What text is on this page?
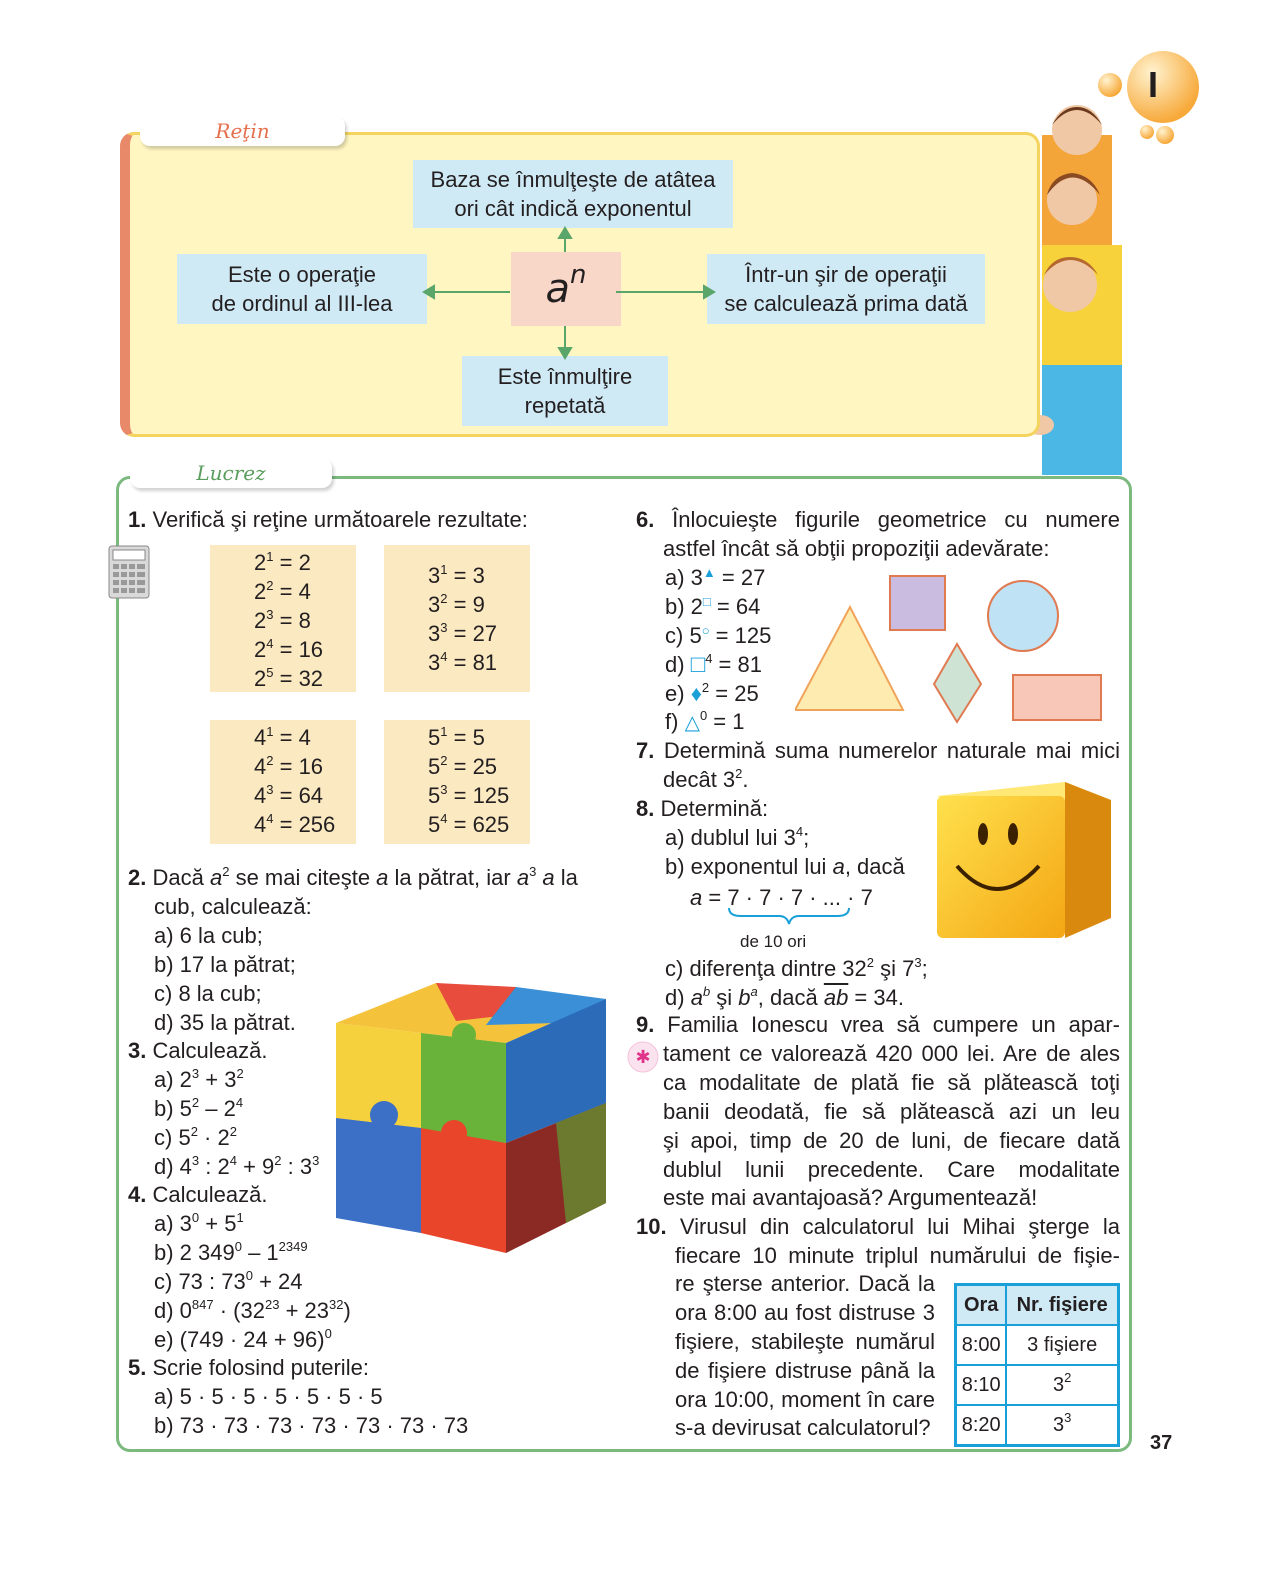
I
Reţin
Baza se înmulţeşte de atâtea
ori cât indică exponentul
Este o operaţie
de ordinul al III-lea
Într-un şir de operaţii
se calculează prima dată
Este înmulţire
repetată
$a^n$
Lucrez
1. Verifică şi reţine următoarele rezultate:
$2^1 = 2$
$2^2 = 4$
$2^3 = 8$
$2^4 = 16$
$2^5 = 32$
$3^1 = 3$
$3^2 = 9$
$3^3 = 27$
$3^4 = 81$
$4^1 = 4$
$4^2 = 16$
$4^3 = 64$
$4^4 = 256$
$5^1 = 5$
$5^2 = 25$
$5^3 = 125$
$5^4 = 625$
2. Dacă $a^2$ se mai citeşte a la pătrat, iar $a^3$ a la
cub, calculează:
a) 6 la cub;
b) 17 la pătrat;
c) 8 la cub;
d) 35 la pătrat.
3. Calculează.
a) $2^3 + 3^2$
b) $5^2 - 2^4$
c) $5^2 \cdot 2^2$
d) $4^3$ : $2^4 + 9^2$ : $3^3$
4. Calculează.
a) $3^0 + 5^1$
b) 2 $349^0 - 1^{2349}$
c) 73 : $73^0 + 24$
d) $0^{847} \cdot (32^{23} + 23^{32})$
e) $(749 \cdot 24 + 96)^0$
5. Scrie folosind puterile:
a) 5 · 5 · 5 · 5 · 5 · 5 · 5
b) 73 · 73 · 73 · 73 · 73 · 73 · 73
6. Înlocuieşte figurile geometrice cu numere
astfel încât să obţii propoziţii adevărate:
a) 3▲ = 27
b) 2□ = 64
c) 5○ = 125
d) □$^4$ = 81
e) ♦$^2$ = 25
f) △$^0$ = 1
7. Determină suma numerelor naturale mai mici
decât $3^2$.
8. Determină:
a) dublul lui $3^4$;
b) exponentul lui a, dacă
a = 7 · 7 · 7 · ... · 7
de 10 ori
c) diferenţa dintre $32^2$ şi $7^3$;
d) $a^b$ şi $b^a$, dacă $\overline{ab} = 34$.
9. Familia Ionescu vrea să cumpere un apar-
tament ce valorează 420 000 lei. Are de ales
ca modalitate de plată fie să plătească toţi
banii deodată, fie să plătească azi un leu
şi apoi, timp de 20 de luni, de fiecare dată
dublul lunii precedente. Care modalitate
este mai avantajoasă? Argumentează!
✱
10. Virusul din calculatorul lui Mihai şterge la
fiecare 10 minute triplul numărului de fişie-
re şterse anterior. Dacă la
ora 8:00 au fost distruse 3
fişiere, stabileşte numărul
de fişiere distruse până la
ora 10:00, moment în care
s-a devirusat calculatorul?
Ora	Nr. fişiere
8:00	3 fişiere
8:10	$3^2$
8:20	$3^3$
37
